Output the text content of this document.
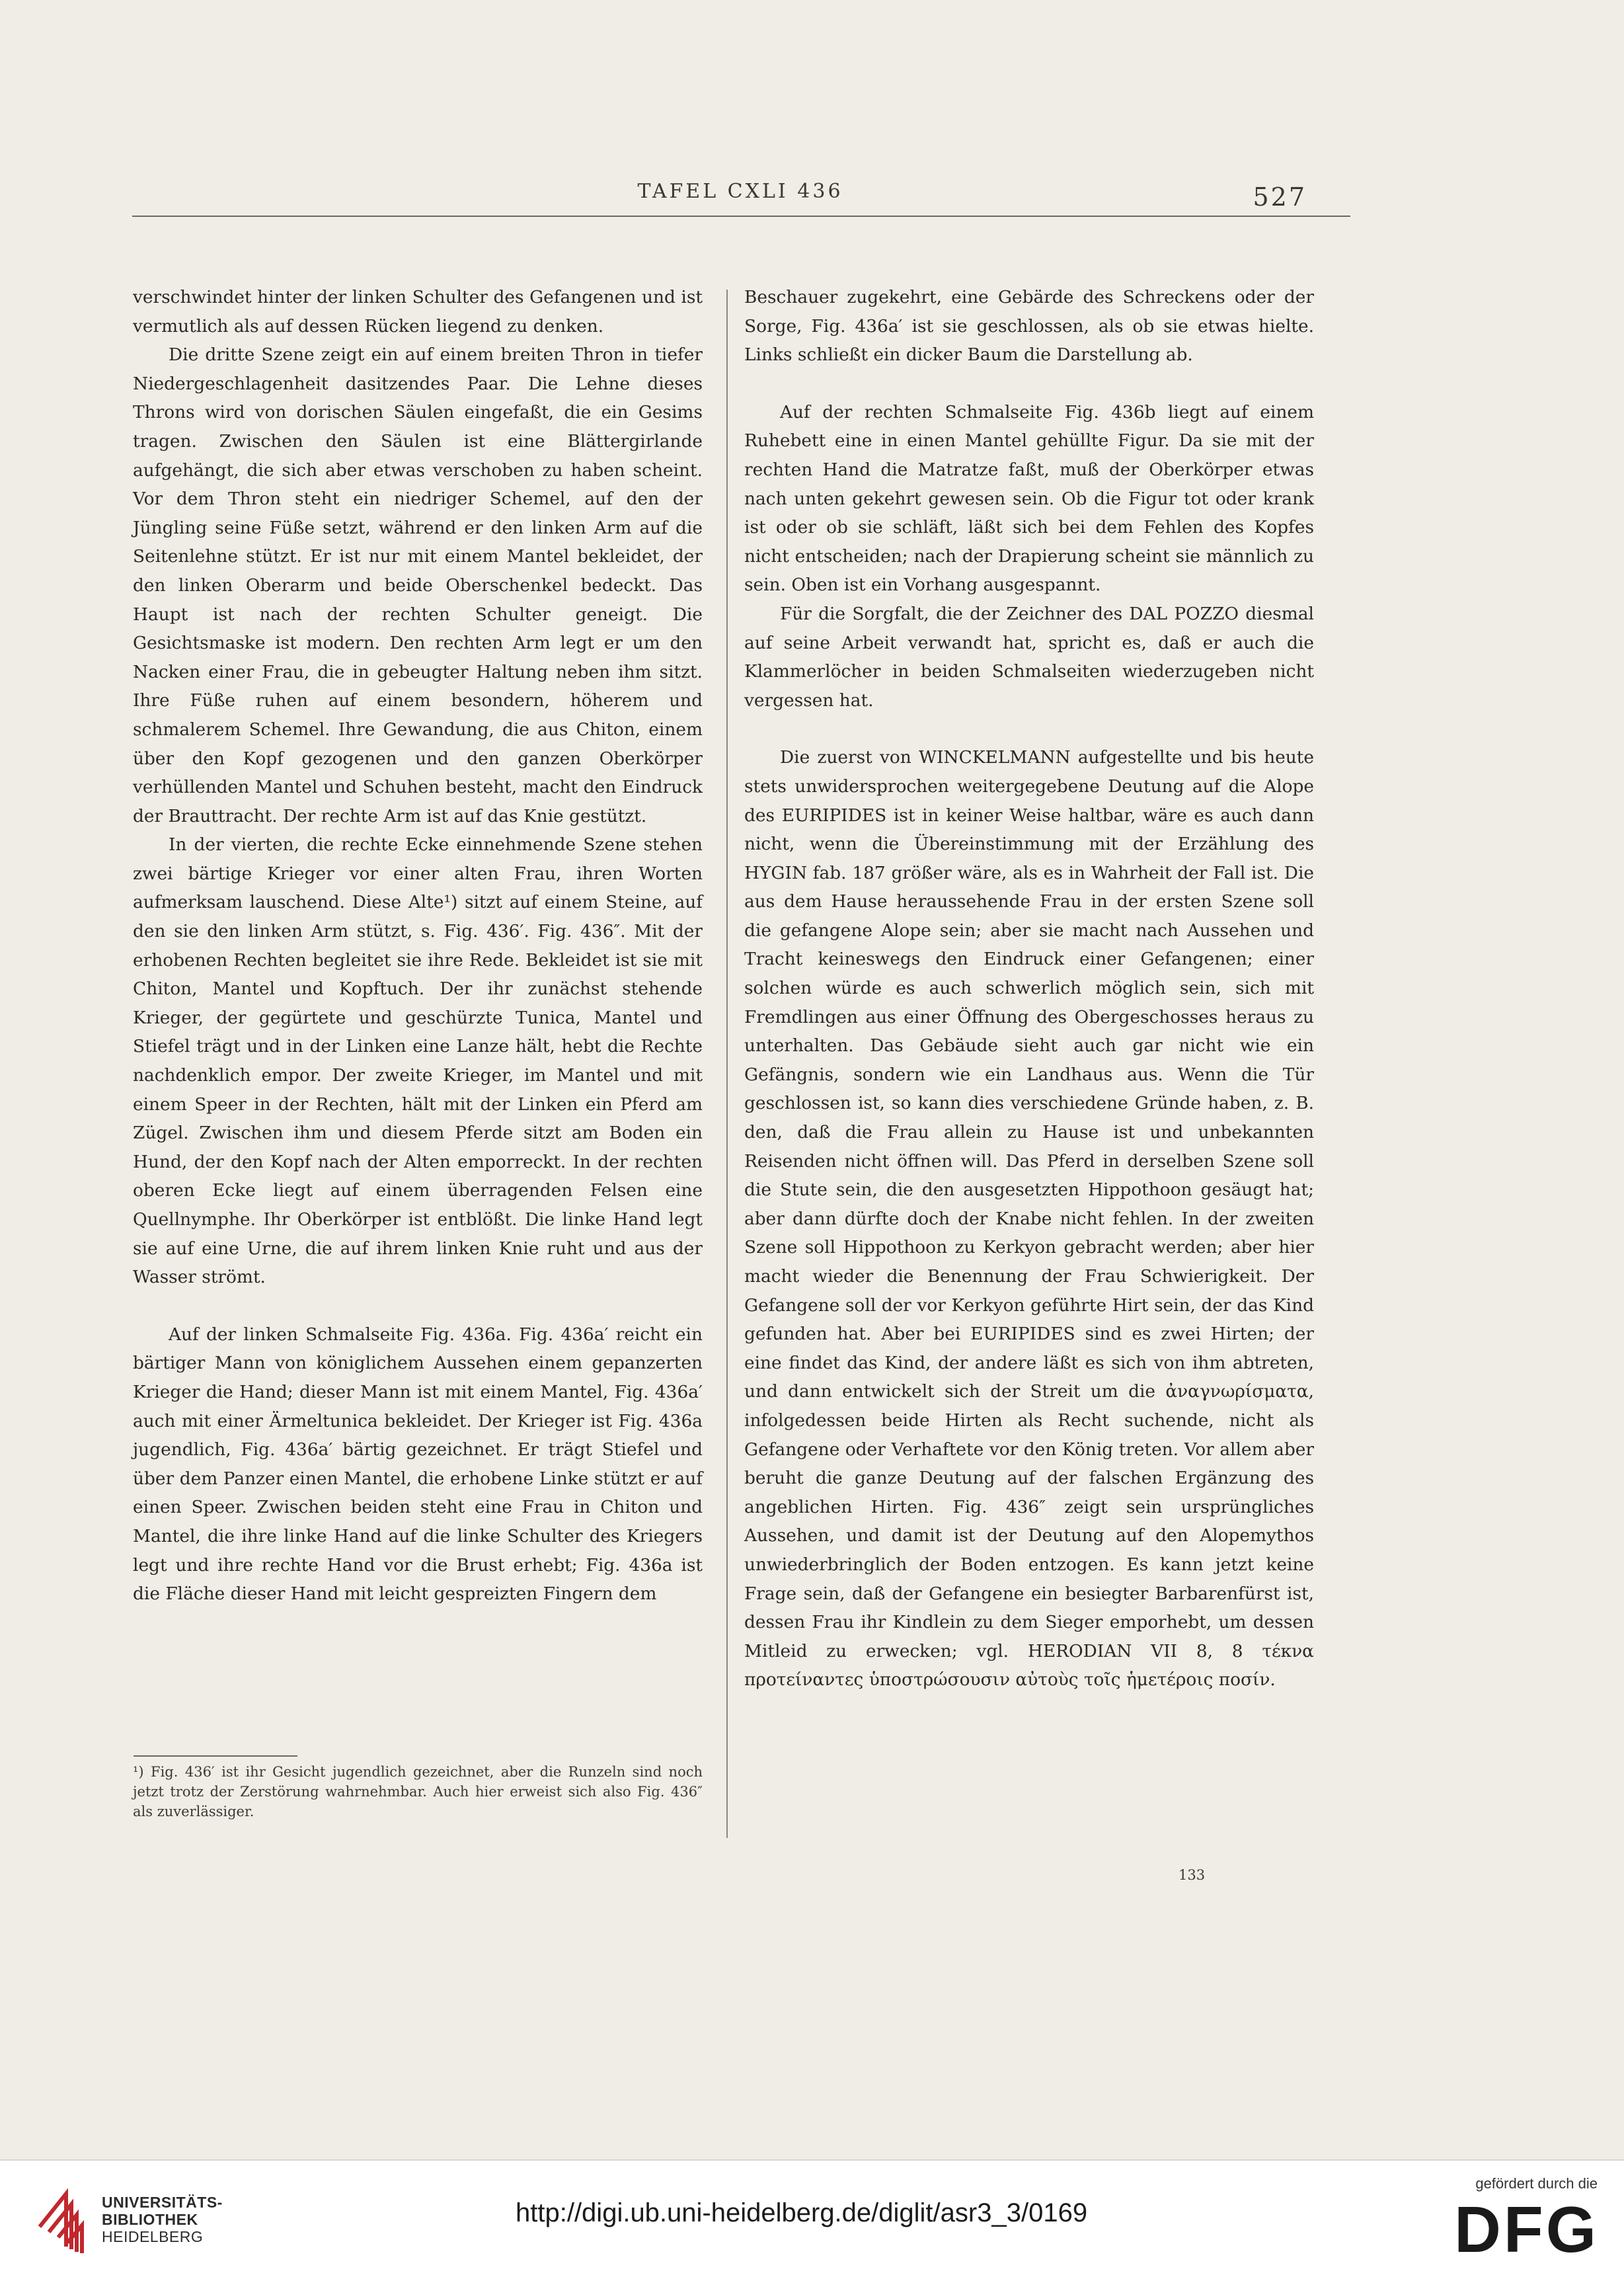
TAFEL CXLI 436	527

verschwindet hinter der linken Schulter des Gefangenen und ist vermutlich als auf dessen Rücken liegend zu denken.

Die dritte Szene zeigt ein auf einem breiten Thron in tiefer Niedergeschlagenheit dasitzendes Paar. Die Lehne dieses Throns wird von dorischen Säulen eingefaßt, die ein Gesims tragen. Zwischen den Säulen ist eine Blättergirlande aufgehängt, die sich aber etwas verschoben zu haben scheint. Vor dem Thron steht ein niedriger Schemel, auf den der Jüngling seine Füße setzt, während er den linken Arm auf die Seitenlehne stützt. Er ist nur mit einem Mantel bekleidet, der den linken Oberarm und beide Oberschenkel bedeckt. Das Haupt ist nach der rechten Schulter geneigt. Die Gesichtsmaske ist modern. Den rechten Arm legt er um den Nacken einer Frau, die in gebeugter Haltung neben ihm sitzt. Ihre Füße ruhen auf einem besondern, höherem und schmalerem Schemel. Ihre Gewandung, die aus Chiton, einem über den Kopf gezogenen und den ganzen Oberkörper verhüllenden Mantel und Schuhen besteht, macht den Eindruck der Brauttracht. Der rechte Arm ist auf das Knie gestützt.

In der vierten, die rechte Ecke einnehmende Szene stehen zwei bärtige Krieger vor einer alten Frau, ihren Worten aufmerksam lauschend. Diese Alte¹) sitzt auf einem Steine, auf den sie den linken Arm stützt, s. Fig. 436′. Fig. 436″. Mit der erhobenen Rechten begleitet sie ihre Rede. Bekleidet ist sie mit Chiton, Mantel und Kopftuch. Der ihr zunächst stehende Krieger, der gegürtete und geschürzte Tunica, Mantel und Stiefel trägt und in der Linken eine Lanze hält, hebt die Rechte nachdenklich empor. Der zweite Krieger, im Mantel und mit einem Speer in der Rechten, hält mit der Linken ein Pferd am Zügel. Zwischen ihm und diesem Pferde sitzt am Boden ein Hund, der den Kopf nach der Alten emporreckt. In der rechten oberen Ecke liegt auf einem überragenden Felsen eine Quellnymphe. Ihr Oberkörper ist entblößt. Die linke Hand legt sie auf eine Urne, die auf ihrem linken Knie ruht und aus der Wasser strömt.

Auf der linken Schmalseite Fig. 436a. Fig. 436a′ reicht ein bärtiger Mann von königlichem Aussehen einem gepanzerten Krieger die Hand; dieser Mann ist mit einem Mantel, Fig. 436a′ auch mit einer Ärmeltunica bekleidet. Der Krieger ist Fig. 436a jugendlich, Fig. 436a′ bärtig gezeichnet. Er trägt Stiefel und über dem Panzer einen Mantel, die erhobene Linke stützt er auf einen Speer. Zwischen beiden steht eine Frau in Chiton und Mantel, die ihre linke Hand auf die linke Schulter des Kriegers legt und ihre rechte Hand vor die Brust erhebt; Fig. 436a ist die Fläche dieser Hand mit leicht gespreizten Fingern dem

Beschauer zugekehrt, eine Gebärde des Schreckens oder der Sorge, Fig. 436a′ ist sie geschlossen, als ob sie etwas hielte. Links schließt ein dicker Baum die Darstellung ab.

Auf der rechten Schmalseite Fig. 436b liegt auf einem Ruhebett eine in einen Mantel gehüllte Figur. Da sie mit der rechten Hand die Matratze faßt, muß der Oberkörper etwas nach unten gekehrt gewesen sein. Ob die Figur tot oder krank ist oder ob sie schläft, läßt sich bei dem Fehlen des Kopfes nicht entscheiden; nach der Drapierung scheint sie männlich zu sein. Oben ist ein Vorhang ausgespannt.

Für die Sorgfalt, die der Zeichner des DAL POZZO diesmal auf seine Arbeit verwandt hat, spricht es, daß er auch die Klammerlöcher in beiden Schmalseiten wiederzugeben nicht vergessen hat.

Die zuerst von WINCKELMANN aufgestellte und bis heute stets unwidersprochen weitergegebene Deutung auf die Alope des EURIPIDES ist in keiner Weise haltbar, wäre es auch dann nicht, wenn die Übereinstimmung mit der Erzählung des HYGIN fab. 187 größer wäre, als es in Wahrheit der Fall ist. Die aus dem Hause heraussehende Frau in der ersten Szene soll die gefangene Alope sein; aber sie macht nach Aussehen und Tracht keineswegs den Eindruck einer Gefangenen; einer solchen würde es auch schwerlich möglich sein, sich mit Fremdlingen aus einer Öffnung des Obergeschosses heraus zu unterhalten. Das Gebäude sieht auch gar nicht wie ein Gefängnis, sondern wie ein Landhaus aus. Wenn die Tür geschlossen ist, so kann dies verschiedene Gründe haben, z. B. den, daß die Frau allein zu Hause ist und unbekannten Reisenden nicht öffnen will. Das Pferd in derselben Szene soll die Stute sein, die den ausgesetzten Hippothoon gesäugt hat; aber dann dürfte doch der Knabe nicht fehlen. In der zweiten Szene soll Hippothoon zu Kerkyon gebracht werden; aber hier macht wieder die Benennung der Frau Schwierigkeit. Der Gefangene soll der vor Kerkyon geführte Hirt sein, der das Kind gefunden hat. Aber bei EURIPIDES sind es zwei Hirten; der eine findet das Kind, der andere läßt es sich von ihm abtreten, und dann entwickelt sich der Streit um die ἀναγνωρίσματα, infolgedessen beide Hirten als Recht suchende, nicht als Gefangene oder Verhaftete vor den König treten. Vor allem aber beruht die ganze Deutung auf der falschen Ergänzung des angeblichen Hirten. Fig. 436″ zeigt sein ursprüngliches Aussehen, und damit ist der Deutung auf den Alopemythos unwiederbringlich der Boden entzogen. Es kann jetzt keine Frage sein, daß der Gefangene ein besiegter Barbarenfürst ist, dessen Frau ihr Kindlein zu dem Sieger emporhebt, um dessen Mitleid zu erwecken; vgl. HERODIAN VII 8, 8 τέκνα προτείναντες ὑποστρώσουσιν αὐτοὺς τοῖς ἡμετέροις ποσίν.

¹) Fig. 436′ ist ihr Gesicht jugendlich gezeichnet, aber die Runzeln sind noch jetzt trotz der Zerstörung wahrnehmbar. Auch hier erweist sich also Fig. 436″ als zuverlässiger.
133
UNIVERSITÄTS-
BIBLIOTHEK
HEIDELBERG
http://digi.ub.uni-heidelberg.de/diglit/asr3_3/0169
gefördert durch die
DFG
